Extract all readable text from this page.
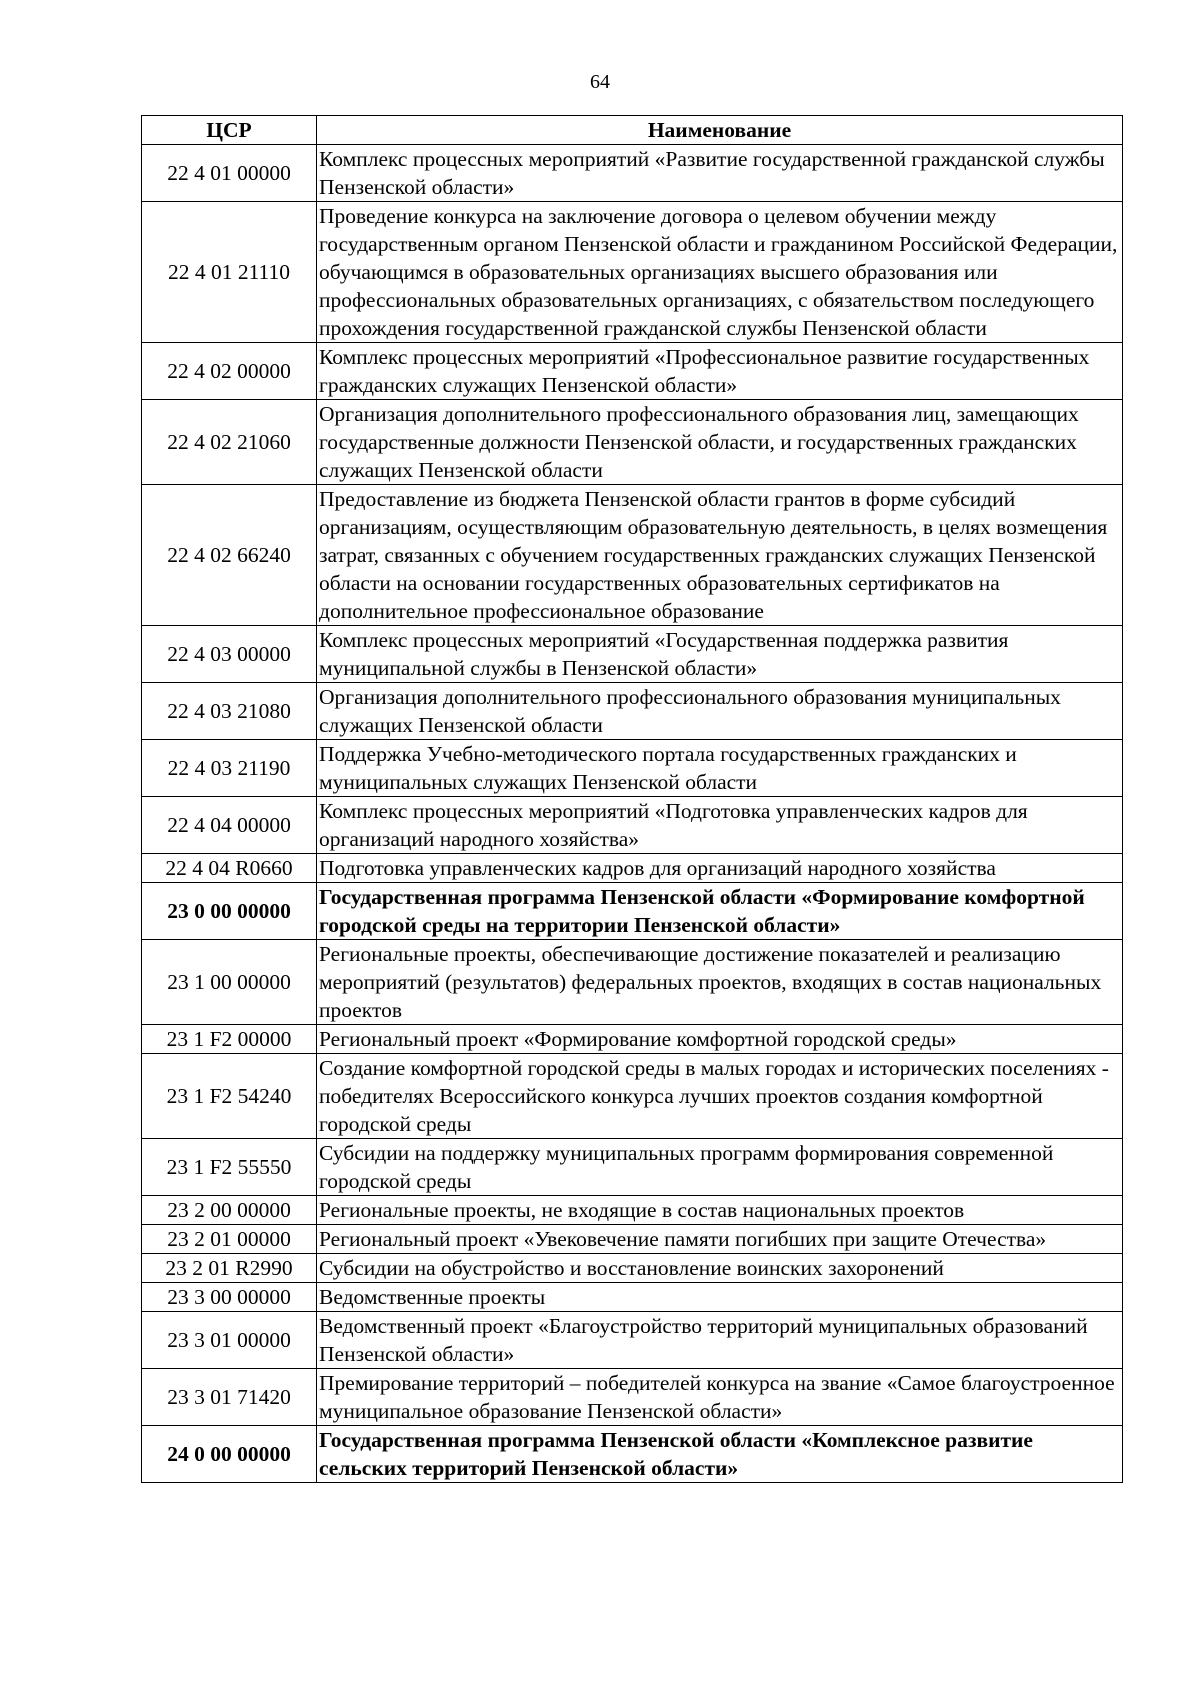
64
ЦСР	Наименование
22 4 01 00000	Комплекс процессных мероприятий «Развитие государственной гражданской службы Пензенской области»
22 4 01 21110	Проведение конкурса на заключение договора о целевом обучении между государственным органом Пензенской области и гражданином Российской Федерации, обучающимся в образовательных организациях высшего образования или профессиональных образовательных организациях, с обязательством последующего прохождения государственной гражданской службы Пензенской области
22 4 02 00000	Комплекс процессных мероприятий «Профессиональное развитие государственных гражданских служащих Пензенской области»
22 4 02 21060	Организация дополнительного профессионального образования лиц, замещающих государственные должности Пензенской области, и государственных гражданских служащих Пензенской области
22 4 02 66240	Предоставление из бюджета Пензенской области грантов в форме субсидий организациям, осуществляющим образовательную деятельность, в целях возмещения затрат, связанных с обучением государственных гражданских служащих Пензенской области на основании государственных образовательных сертификатов на дополнительное профессиональное образование
22 4 03 00000	Комплекс процессных мероприятий «Государственная поддержка развития муниципальной службы в Пензенской области»
22 4 03 21080	Организация дополнительного профессионального образования муниципальных служащих Пензенской области
22 4 03 21190	Поддержка Учебно-методического портала государственных гражданских и муниципальных служащих Пензенской области
22 4 04 00000	Комплекс процессных мероприятий «Подготовка управленческих кадров для организаций народного хозяйства»
22 4 04 R0660	Подготовка управленческих кадров для организаций народного хозяйства
23 0 00 00000	Государственная программа Пензенской области «Формирование комфортной городской среды на территории Пензенской области»
23 1 00 00000	Региональные проекты, обеспечивающие достижение показателей и реализацию мероприятий (результатов) федеральных проектов, входящих в состав национальных проектов
23 1 F2 00000	Региональный проект «Формирование комфортной городской среды»
23 1 F2 54240	Создание комфортной городской среды в малых городах и исторических поселениях - победителях Всероссийского конкурса лучших проектов создания комфортной городской среды
23 1 F2 55550	Субсидии на поддержку муниципальных программ формирования современной городской среды
23 2 00 00000	Региональные проекты, не входящие в состав национальных проектов
23 2 01 00000	Региональный проект «Увековечение памяти погибших при защите Отечества»
23 2 01 R2990	Субсидии на обустройство и восстановление воинских захоронений
23 3 00 00000	Ведомственные проекты
23 3 01 00000	Ведомственный проект «Благоустройство территорий муниципальных образований Пензенской области»
23 3 01 71420	Премирование территорий – победителей конкурса на звание «Самое благоустроенное муниципальное образование Пензенской области»
24 0 00 00000	Государственная программа Пензенской области «Комплексное развитие сельских территорий Пензенской области»
